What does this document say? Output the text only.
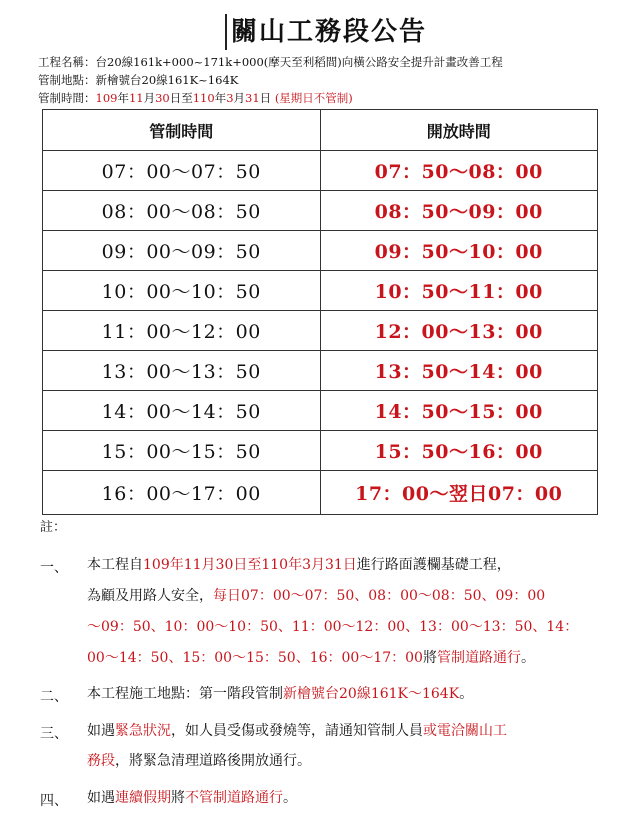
關山工務段公告
工程名稱：台20線161k+000~171k+000(摩天至利稻間)向橫公路安全提升計畫改善工程
管制地點：新檜號台20線161K~164K
管制時間：109年11月30日至110年3月31日 (星期日不管制)
管制時間	開放時間
07：00～07：50	07：50～08：00
08：00～08：50	08：50～09：00
09：00～09：50	09：50～10：00
10：00～10：50	10：50～11：00
11：00～12：00	12：00～13：00
13：00～13：50	13：50～14：00
14：00～14：50	14：50～15：00
15：00～15：50	15：50～16：00
16：00～17：00	17：00～翌日07：00
註：
一、 本工程自109年11月30日至110年3月31日進行路面護欄基礎工程，
為顧及用路人安全，每日07：00～07：50、08：00～08：50、09：00
～09：50、10：00～10：50、11：00～12：00、13：00～13：50、14：
00～14：50、15：00～15：50、16：00～17：00將管制道路通行。
二、 本工程施工地點：第一階段管制新檜號台20線161K～164K。
三、 如遇緊急狀況，如人員受傷或發燒等，請通知管制人員或電洽關山工
務段，將緊急清理道路後開放通行。
四、 如遇連續假期將不管制道路通行。
